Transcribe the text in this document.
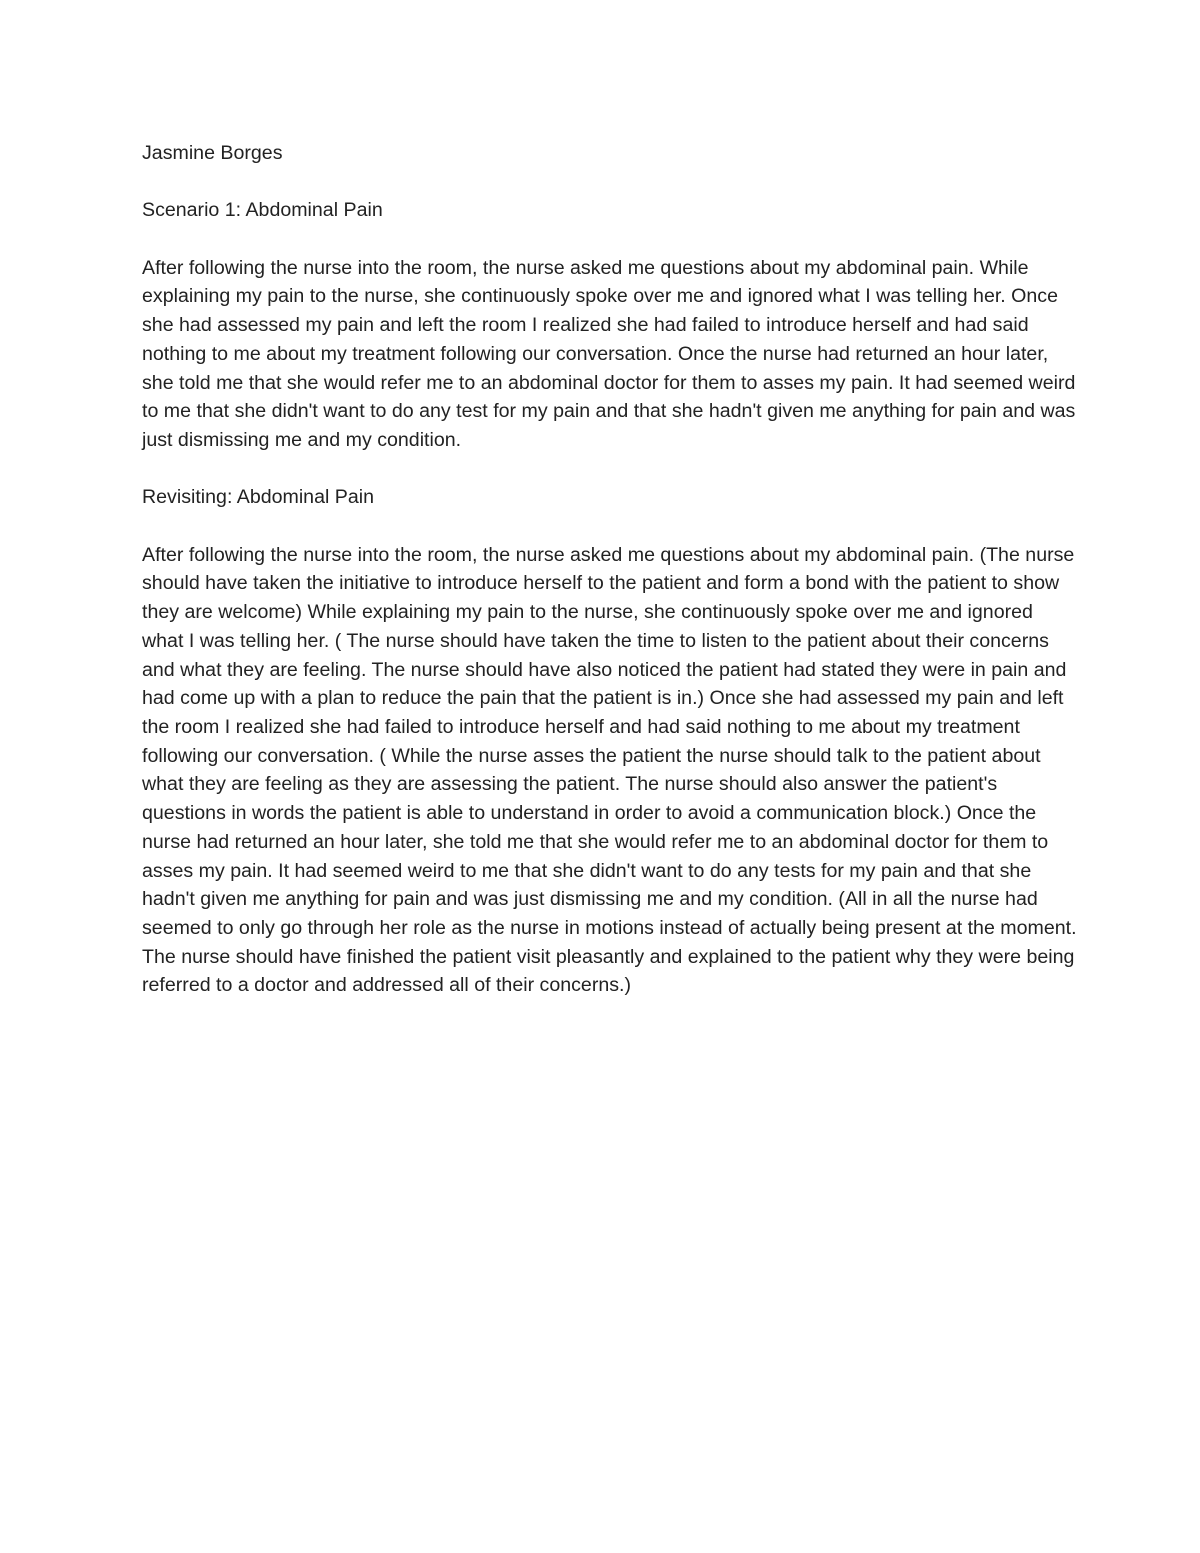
Jasmine Borges

Scenario 1: Abdominal Pain

After following the nurse into the room, the nurse asked me questions about my abdominal pain. While explaining my pain to the nurse, she continuously spoke over me and ignored what I was telling her. Once she had assessed my pain and left the room I realized she had failed to introduce herself and had said nothing to me about my treatment following our conversation. Once the nurse had returned an hour later, she told me that she would refer me to an abdominal doctor for them to asses my pain. It had seemed weird to me that she didn't want to do any test for my pain and that she hadn't given me anything for pain and was just dismissing me and my condition.

Revisiting: Abdominal Pain

After following the nurse into the room, the nurse asked me questions about my abdominal pain. (The nurse should have taken the initiative to introduce herself to the patient and form a bond with the patient to show they are welcome) While explaining my pain to the nurse, she continuously spoke over me and ignored what I was telling her. ( The nurse should have taken the time to listen to the patient about their concerns and what they are feeling. The nurse should have also noticed the patient had stated they were in pain and had come up with a plan to reduce the pain that the patient is in.) Once she had assessed my pain and left the room I realized she had failed to introduce herself and had said nothing to me about my treatment following our conversation. ( While the nurse asses the patient the nurse should talk to the patient about what they are feeling as they are assessing the patient. The nurse should also answer the patient's questions in words the patient is able to understand in order to avoid a communication block.) Once the nurse had returned an hour later, she told me that she would refer me to an abdominal doctor for them to asses my pain. It had seemed weird to me that she didn't want to do any tests for my pain and that she hadn't given me anything for pain and was just dismissing me and my condition. (All in all the nurse had seemed to only go through her role as the nurse in motions instead of actually being present at the moment. The nurse should have finished the patient visit pleasantly and explained to the patient why they were being referred to a doctor and addressed all of their concerns.)
